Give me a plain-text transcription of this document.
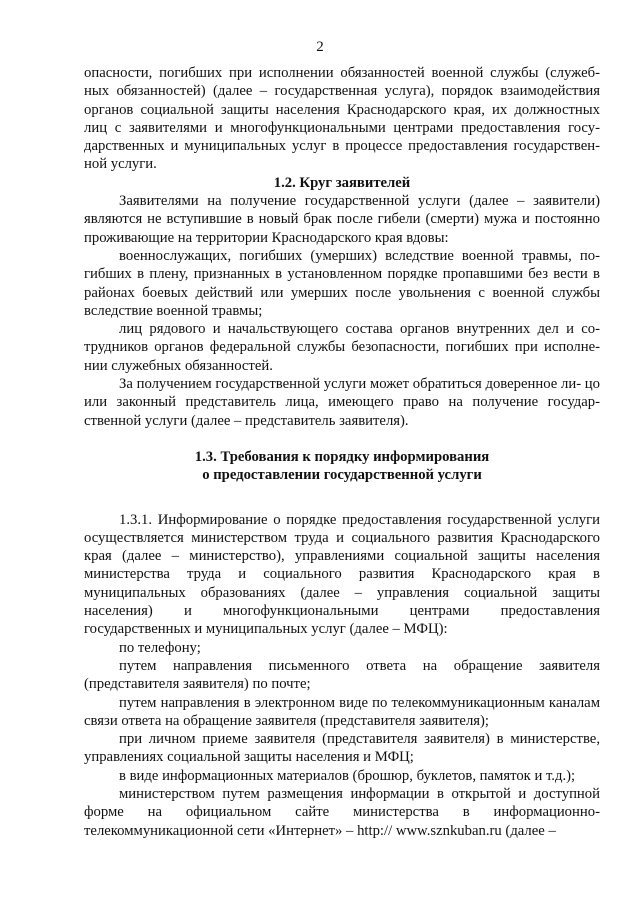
2

опасности, погибших при исполнении обязанностей военной службы (служеб- ных обязанностей) (далее – государственная услуга), порядок взаимодействия органов социальной защиты населения Краснодарского края, их должностных лиц с заявителями и многофункциональными центрами предоставления госу- дарственных и муниципальных услуг в процессе предоставления государствен- ной услуги.

1.2. Круг заявителей

Заявителями на получение государственной услуги (далее – заявители) являются не вступившие в новый брак после гибели (смерти) мужа и постоянно проживающие на территории Краснодарского края вдовы:

военнослужащих, погибших (умерших) вследствие военной травмы, по- гибших в плену, признанных в установленном порядке пропавшими без вести в районах боевых действий или умерших после увольнения с военной службы вследствие военной травмы;

лиц рядового и начальствующего состава органов внутренних дел и со- трудников органов федеральной службы безопасности, погибших при исполне- нии служебных обязанностей.

За получением государственной услуги может обратиться доверенное ли- цо или законный представитель лица, имеющего право на получение государ- ственной услуги (далее – представитель заявителя).

1.3. Требования к порядку информирования

о предоставлении государственной услуги

1.3.1. Информирование о порядке предоставления государственной услуги осуществляется министерством труда и социального развития Краснодарского края (далее – министерство), управлениями социальной защиты населения министерства труда и социального развития Краснодарского края в муниципальных образованиях (далее – управления социальной защиты населения) и многофункциональными центрами предоставления государственных и муниципальных услуг (далее – МФЦ):

по телефону;

путем направления письменного ответа на обращение заявителя (представителя заявителя) по почте;

путем направления в электронном виде по телекоммуникационным каналам связи ответа на обращение заявителя (представителя заявителя);

при личном приеме заявителя (представителя заявителя) в министерстве, управлениях социальной защиты населения и МФЦ;

в виде информационных материалов (брошюр, буклетов, памяток и т.д.);

министерством путем размещения информации в открытой и доступной форме на официальном сайте министерства в информационно-телекоммуникационной сети «Интернет» – http:// www.sznkuban.ru (далее –
